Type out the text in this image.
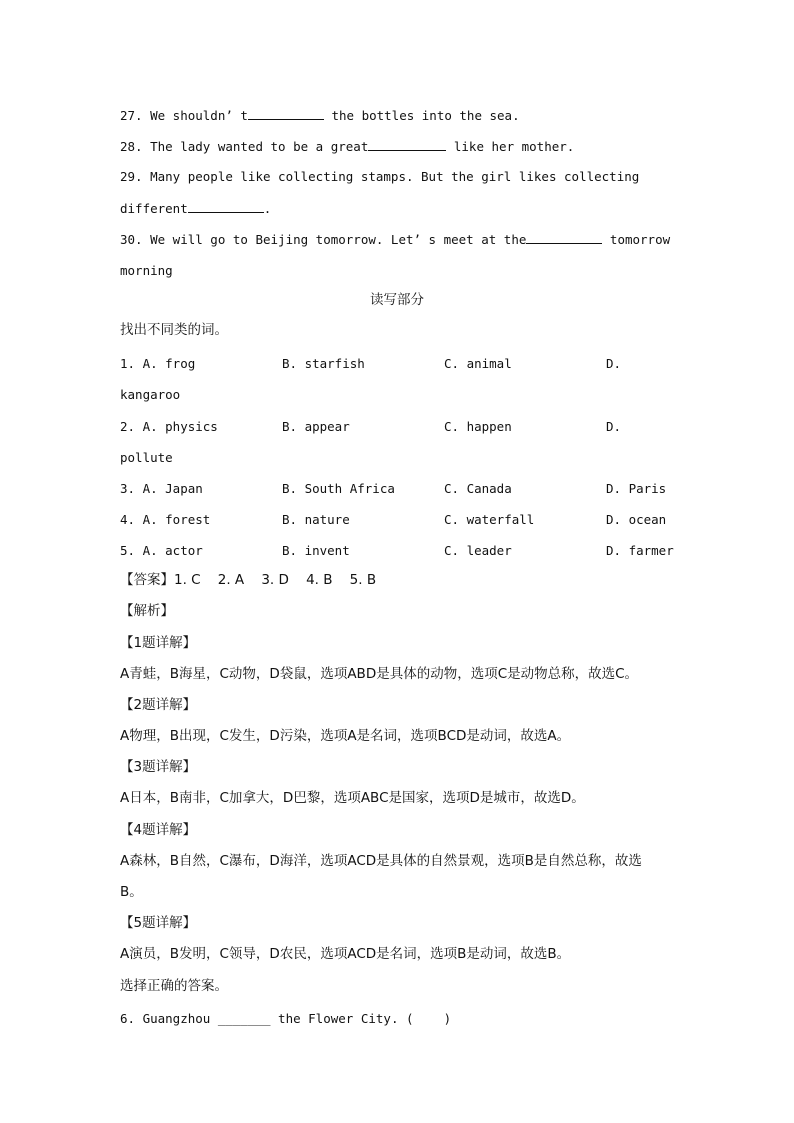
27. We shouldn’ t	the bottles into the sea.
28. The lady wanted to be a great	like her mother.
29. Many people like collecting stamps. But the girl likes collecting
different	.
30. We will go to Beijing tomorrow. Let’ s meet at the	tomorrow
morning
读写部分
找出不同类的词。
1. A. frog	B. starfish	C. animal	D.
kangaroo
2. A. physics	B. appear	C. happen	D.
pollute
3. A. Japan	B. South Africa	C. Canada	D. Paris
4. A. forest	B. nature	C. waterfall	D. ocean
5. A. actor	B. invent	C. leader	D. farmer
【答案】1. C    2. A    3. D    4. B    5. B
【解析】
【1题详解】
A青蛙，B海星，C动物，D袋鼠，选项ABD是具体的动物，选项C是动物总称，故选C。
【2题详解】
A物理，B出现，C发生，D污染，选项A是名词，选项BCD是动词，故选A。
【3题详解】
A日本，B南非，C加拿大，D巴黎，选项ABC是国家，选项D是城市，故选D。
【4题详解】
A森林，B自然，C瀑布，D海洋，选项ACD是具体的自然景观，选项B是自然总称，故选
B。
【5题详解】
A演员，B发明，C领导，D农民，选项ACD是名词，选项B是动词，故选B。
选择正确的答案。
6. Guangzhou _______ the Flower City. (    )
